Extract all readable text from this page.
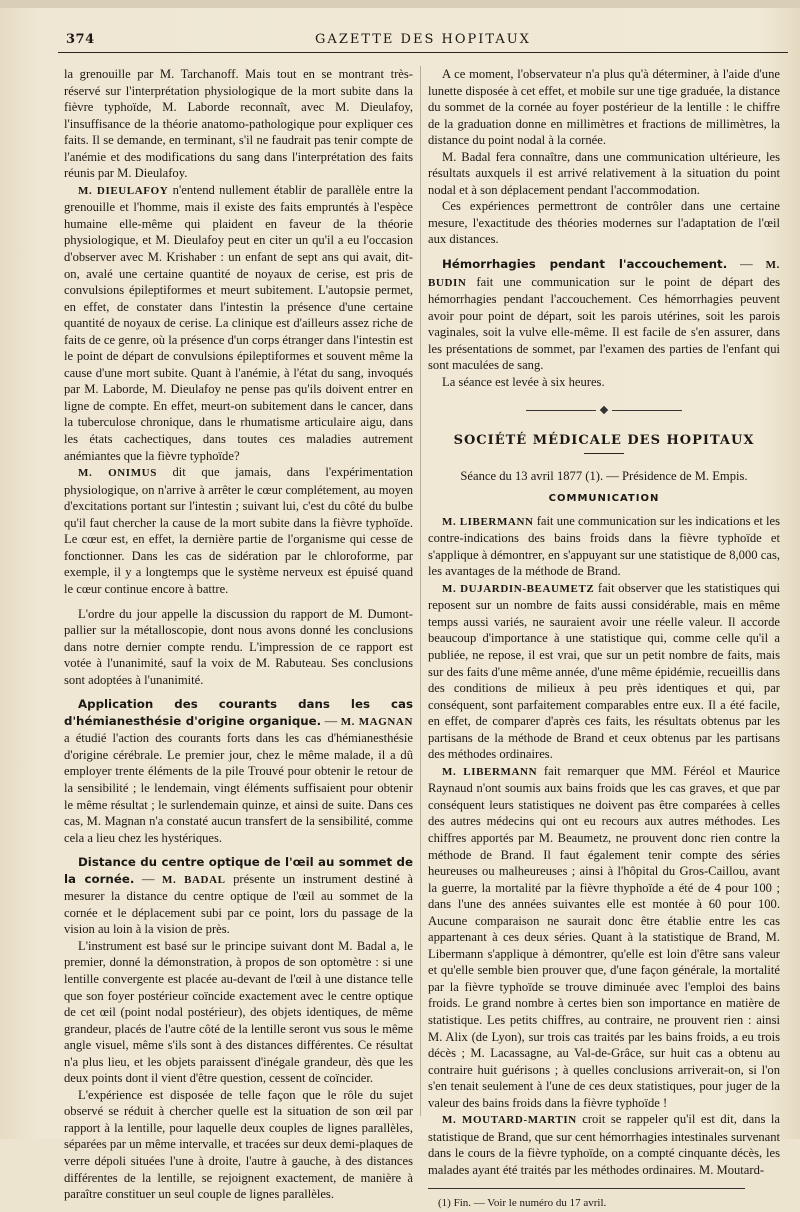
374	GAZETTE DES HOPITAUX

la grenouille par M. Tarchanoff. Mais tout en se montrant très-réservé sur l'interprétation physiologique de la mort subite dans la fièvre typhoïde, M. Laborde reconnaît, avec M. Dieulafoy, l'insuffisance de la théorie anatomo-pathologique pour expliquer ces faits. Il se demande, en terminant, s'il ne faudrait pas tenir compte de l'anémie et des modifications du sang dans l'interprétation des faits réunis par M. Dieulafoy.

M. DIEULAFOY n'entend nullement établir de parallèle entre la grenouille et l'homme, mais il existe des faits empruntés à l'espèce humaine elle-même qui plaident en faveur de la théorie physiologique, et M. Dieulafoy peut en citer un qu'il a eu l'occasion d'observer avec M. Krishaber : un enfant de sept ans qui avait, dit-on, avalé une certaine quantité de noyaux de cerise, est pris de convulsions épileptiformes et meurt subitement. L'autopsie permet, en effet, de constater dans l'intestin la présence d'une certaine quantité de noyaux de cerise. La clinique est d'ailleurs assez riche de faits de ce genre, où la présence d'un corps étranger dans l'intestin est le point de départ de convulsions épileptiformes et souvent même la cause d'une mort subite. Quant à l'anémie, à l'état du sang, invoqués par M. Laborde, M. Dieulafoy ne pense pas qu'ils doivent entrer en ligne de compte. En effet, meurt-on subitement dans le cancer, dans la tuberculose chronique, dans le rhumatisme articulaire aigu, dans les états cachectiques, dans toutes ces maladies autrement anémiantes que la fièvre typhoïde?

M. ONIMUS dit que jamais, dans l'expérimentation physiologique, on n'arrive à arrêter le cœur complétement, au moyen d'excitations portant sur l'intestin ; suivant lui, c'est du côté du bulbe qu'il faut chercher la cause de la mort subite dans la fièvre typhoïde. Le cœur est, en effet, la dernière partie de l'organisme qui cesse de fonctionner. Dans les cas de sidération par le chloroforme, par exemple, il y a longtemps que le système nerveux est épuisé quand le cœur continue encore à battre.

L'ordre du jour appelle la discussion du rapport de M. Dumont-pallier sur la métalloscopie, dont nous avons donné les conclusions dans notre dernier compte rendu. L'impression de ce rapport est votée à l'unanimité, sauf la voix de M. Rabuteau. Ses conclusions sont adoptées à l'unanimité.

Application des courants dans les cas d'hémianesthésie d'origine organique. — M. MAGNAN a étudié l'action des courants forts dans les cas d'hémianesthésie d'origine cérébrale. Le premier jour, chez le même malade, il a dû employer trente éléments de la pile Trouvé pour obtenir le retour de la sensibilité ; le lendemain, vingt éléments suffisaient pour obtenir le même résultat ; le surlendemain quinze, et ainsi de suite. Dans ces cas, M. Magnan n'a constaté aucun transfert de la sensibilité, comme cela a lieu chez les hystériques.

Distance du centre optique de l'œil au sommet de la cornée. — M. BADAL présente un instrument destiné à mesurer la distance du centre optique de l'œil au sommet de la cornée et le déplacement subi par ce point, lors du passage de la vision au loin à la vision de près.

L'instrument est basé sur le principe suivant dont M. Badal a, le premier, donné la démonstration, à propos de son optomètre : si une lentille convergente est placée au-devant de l'œil à une distance telle que son foyer postérieur coïncide exactement avec le centre optique de cet œil (point nodal postérieur), des objets identiques, de même grandeur, placés de l'autre côté de la lentille seront vus sous le même angle visuel, même s'ils sont à des distances différentes. Ce résultat n'a plus lieu, et les objets paraissent d'inégale grandeur, dès que les deux points dont il vient d'être question, cessent de coïncider.

L'expérience est disposée de telle façon que le rôle du sujet observé se réduit à chercher quelle est la situation de son œil par rapport à la lentille, pour laquelle deux couples de lignes parallèles, séparées par un même intervalle, et tracées sur deux demi-plaques de verre dépoli situées l'une à droite, l'autre à gauche, à des distances différentes de la lentille, se rejoignent exactement, de manière à paraître constituer un seul couple de lignes parallèles.

A ce moment, l'observateur n'a plus qu'à déterminer, à l'aide d'une lunette disposée à cet effet, et mobile sur une tige graduée, la distance du sommet de la cornée au foyer postérieur de la lentille : le chiffre de la graduation donne en millimètres et fractions de millimètres, la distance du point nodal à la cornée.

M. Badal fera connaître, dans une communication ultérieure, les résultats auxquels il est arrivé relativement à la situation du point nodal et à son déplacement pendant l'accommodation.

Ces expériences permettront de contrôler dans une certaine mesure, l'exactitude des théories modernes sur l'adaptation de l'œil aux distances.

Hémorrhagies pendant l'accouchement. — M. BUDIN fait une communication sur le point de départ des hémorrhagies pendant l'accouchement. Ces hémorrhagies peuvent avoir pour point de départ, soit les parois utérines, soit les parois vaginales, soit la vulve elle-même. Il est facile de s'en assurer, dans les présentations de sommet, par l'examen des parties de l'enfant qui sont maculées de sang.

La séance est levée à six heures.

SOCIÉTÉ MÉDICALE DES HOPITAUX

Séance du 13 avril 1877 (1). — Présidence de M. Empis.

COMMUNICATION

M. LIBERMANN fait une communication sur les indications et les contre-indications des bains froids dans la fièvre typhoïde et s'applique à démontrer, en s'appuyant sur une statistique de 8,000 cas, les avantages de la méthode de Brand.

M. DUJARDIN-BEAUMETZ fait observer que les statistiques qui reposent sur un nombre de faits aussi considérable, mais en même temps aussi variés, ne sauraient avoir une réelle valeur. Il accorde beaucoup d'importance à une statistique qui, comme celle qu'il a publiée, ne repose, il est vrai, que sur un petit nombre de faits, mais sur des faits d'une même année, d'une même épidémie, recueillis dans des conditions de milieux à peu près identiques et qui, par conséquent, sont parfaitement comparables entre eux. Il a été facile, en effet, de comparer d'après ces faits, les résultats obtenus par les partisans de la méthode de Brand et ceux obtenus par les partisans des méthodes ordinaires.

M. LIBERMANN fait remarquer que MM. Féréol et Maurice Raynaud n'ont soumis aux bains froids que les cas graves, et que par conséquent leurs statistiques ne doivent pas être comparées à celles des autres médecins qui ont eu recours aux autres méthodes. Les chiffres apportés par M. Beaumetz, ne prouvent donc rien contre la méthode de Brand. Il faut également tenir compte des séries heureuses ou malheureuses ; ainsi à l'hôpital du Gros-Caillou, avant la guerre, la mortalité par la fièvre thyphoïde a été de 4 pour 100 ; dans l'une des années suivantes elle est montée à 60 pour 100. Aucune comparaison ne saurait donc être établie entre les cas appartenant à ces deux séries. Quant à la statistique de Brand, M. Libermann s'applique à démontrer, qu'elle est loin d'être sans valeur et qu'elle semble bien prouver que, d'une façon générale, la mortalité par la fièvre typhoïde se trouve diminuée avec l'emploi des bains froids. Le grand nombre à certes bien son importance en matière de statistique. Les petits chiffres, au contraire, ne prouvent rien : ainsi M. Alix (de Lyon), sur trois cas traités par les bains froids, a eu trois décès ; M. Lacassagne, au Val-de-Grâce, sur huit cas a obtenu au contraire huit guérisons ; à quelles conclusions arriverait-on, si l'on s'en tenait seulement à l'une de ces deux statistiques, pour juger de la valeur des bains froids dans la fièvre typhoïde !

M. MOUTARD-MARTIN croit se rappeler qu'il est dit, dans la statistique de Brand, que sur cent hémorrhagies intestinales survenant dans le cours de la fièvre typhoïde, on a compté cinquante décès, les malades ayant été traités par les méthodes ordinaires. M. Moutard-

(1) Fin. — Voir le numéro du 17 avril.
